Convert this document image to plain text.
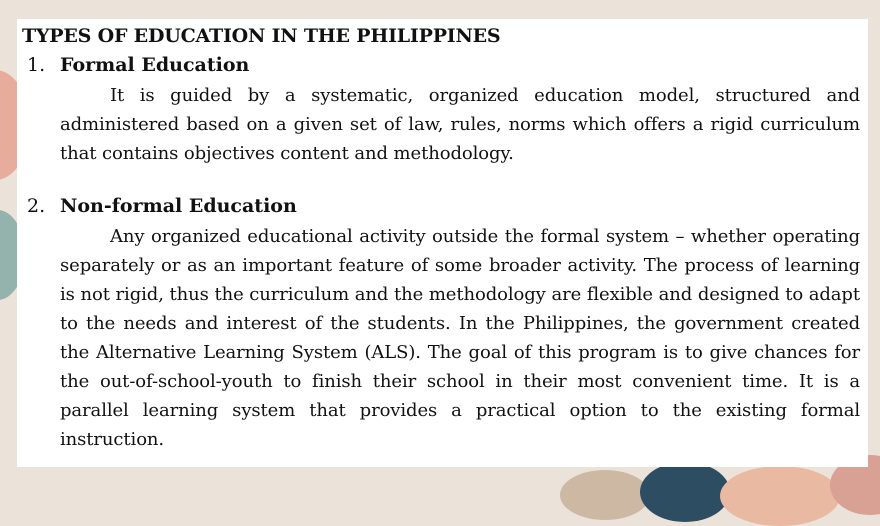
TYPES OF EDUCATION IN THE PHILIPPINES
1. Formal Education

It is guided by a systematic, organized education model, structured and administered based on a given set of law, rules, norms which offers a rigid curriculum that contains objectives content and methodology.

2. Non-formal Education

Any organized educational activity outside the formal system – whether operating separately or as an important feature of some broader activity. The process of learning is not rigid, thus the curriculum and the methodology are flexible and designed to adapt to the needs and interest of the students. In the Philippines, the government created the Alternative Learning System (ALS). The goal of this program is to give chances for the out-of-school-youth to finish their school in their most convenient time. It is a parallel learning system that provides a practical option to the existing formal instruction.
